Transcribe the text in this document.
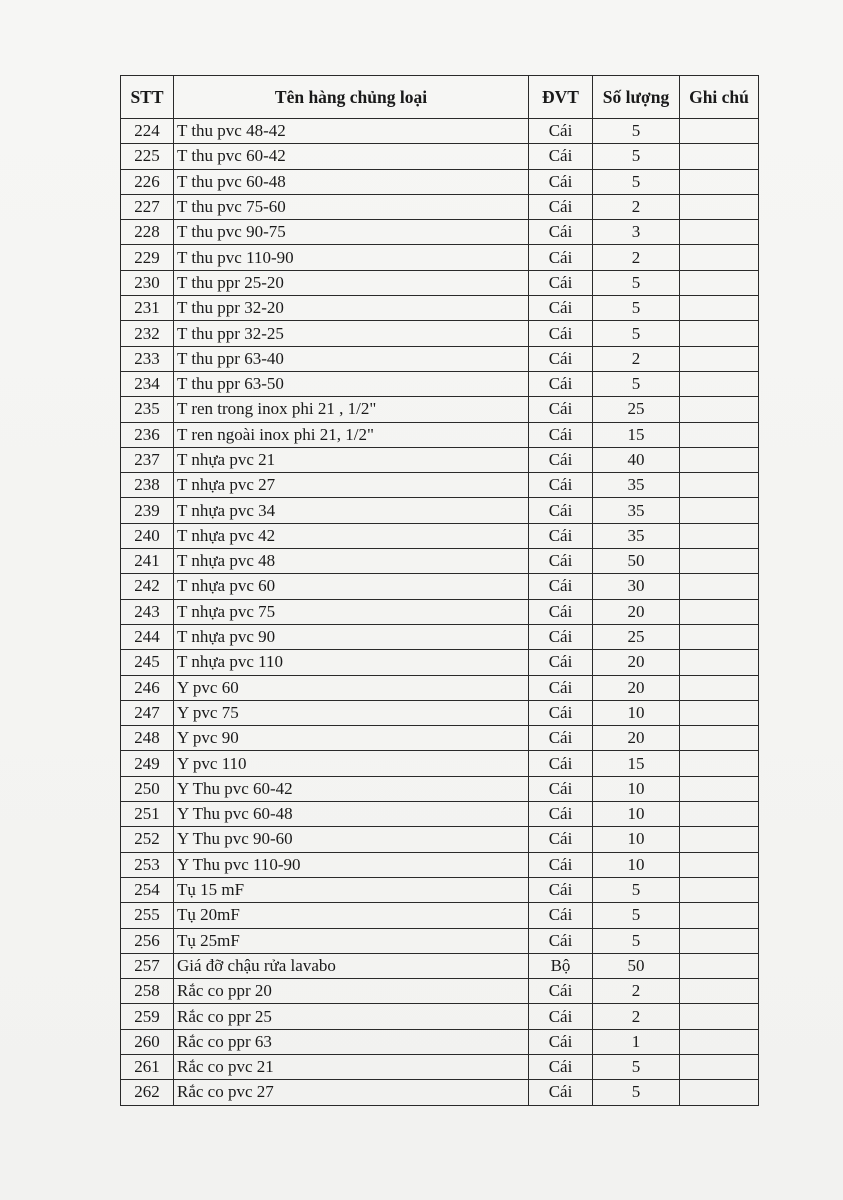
STT	Tên hàng chủng loại	ĐVT	Số lượng	Ghi chú
224	T thu pvc 48-42	Cái	5	
225	T thu pvc 60-42	Cái	5	
226	T thu pvc 60-48	Cái	5	
227	T thu pvc 75-60	Cái	2	
228	T thu pvc 90-75	Cái	3	
229	T thu pvc 110-90	Cái	2	
230	T thu ppr 25-20	Cái	5	
231	T thu ppr 32-20	Cái	5	
232	T thu ppr 32-25	Cái	5	
233	T thu ppr 63-40	Cái	2	
234	T thu ppr 63-50	Cái	5	
235	T ren trong inox phi 21 , 1/2"	Cái	25	
236	T ren ngoài inox phi 21, 1/2"	Cái	15	
237	T nhựa pvc 21	Cái	40	
238	T nhựa pvc 27	Cái	35	
239	T nhựa pvc 34	Cái	35	
240	T nhựa pvc 42	Cái	35	
241	T nhựa pvc 48	Cái	50	
242	T nhựa pvc 60	Cái	30	
243	T nhựa pvc 75	Cái	20	
244	T nhựa pvc 90	Cái	25	
245	T nhựa pvc 110	Cái	20	
246	Y pvc 60	Cái	20	
247	Y pvc 75	Cái	10	
248	Y pvc 90	Cái	20	
249	Y pvc 110	Cái	15	
250	Y Thu pvc 60-42	Cái	10	
251	Y Thu pvc 60-48	Cái	10	
252	Y Thu pvc 90-60	Cái	10	
253	Y Thu pvc 110-90	Cái	10	
254	Tụ 15 mF	Cái	5	
255	Tụ 20mF	Cái	5	
256	Tụ 25mF	Cái	5	
257	Giá đỡ chậu rửa lavabo	Bộ	50	
258	Rắc co ppr 20	Cái	2	
259	Rắc co ppr 25	Cái	2	
260	Rắc co ppr 63	Cái	1	
261	Rắc co pvc 21	Cái	5	
262	Rắc co pvc 27	Cái	5	
